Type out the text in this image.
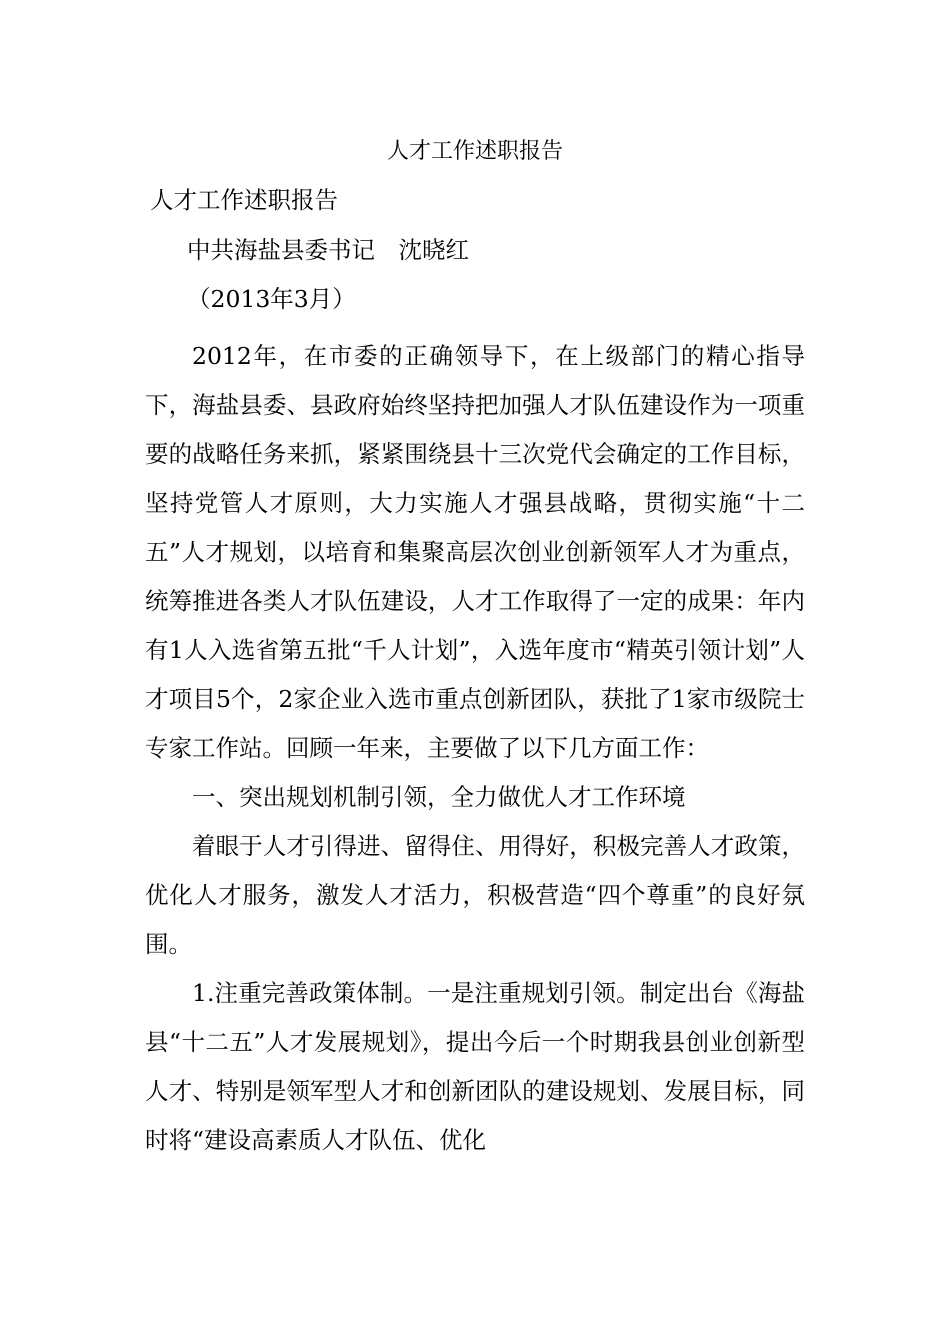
人才工作述职报告
人才工作述职报告
中共海盐县委书记　沈晓红
（2013年3月）

2012年，在市委的正确领导下，在上级部门的精心指导下，海盐县委、县政府始终坚持把加强人才队伍建设作为一项重要的战略任务来抓，紧紧围绕县十三次党代会确定的工作目标，坚持党管人才原则，大力实施人才强县战略，贯彻实施“十二五”人才规划，以培育和集聚高层次创业创新领军人才为重点，统筹推进各类人才队伍建设，人才工作取得了一定的成果：年内有1人入选省第五批“千人计划”，入选年度市“精英引领计划”人才项目5个，2家企业入选市重点创新团队，获批了1家市级院士专家工作站。回顾一年来，主要做了以下几方面工作：

一、突出规划机制引领，全力做优人才工作环境

着眼于人才引得进、留得住、用得好，积极完善人才政策，优化人才服务，激发人才活力，积极营造“四个尊重”的良好氛围。

1.注重完善政策体制。一是注重规划引领。制定出台《海盐县“十二五”人才发展规划》，提出今后一个时期我县创业创新型人才、特别是领军型人才和创新团队的建设规划、发展目标，同时将“建设高素质人才队伍、优化
